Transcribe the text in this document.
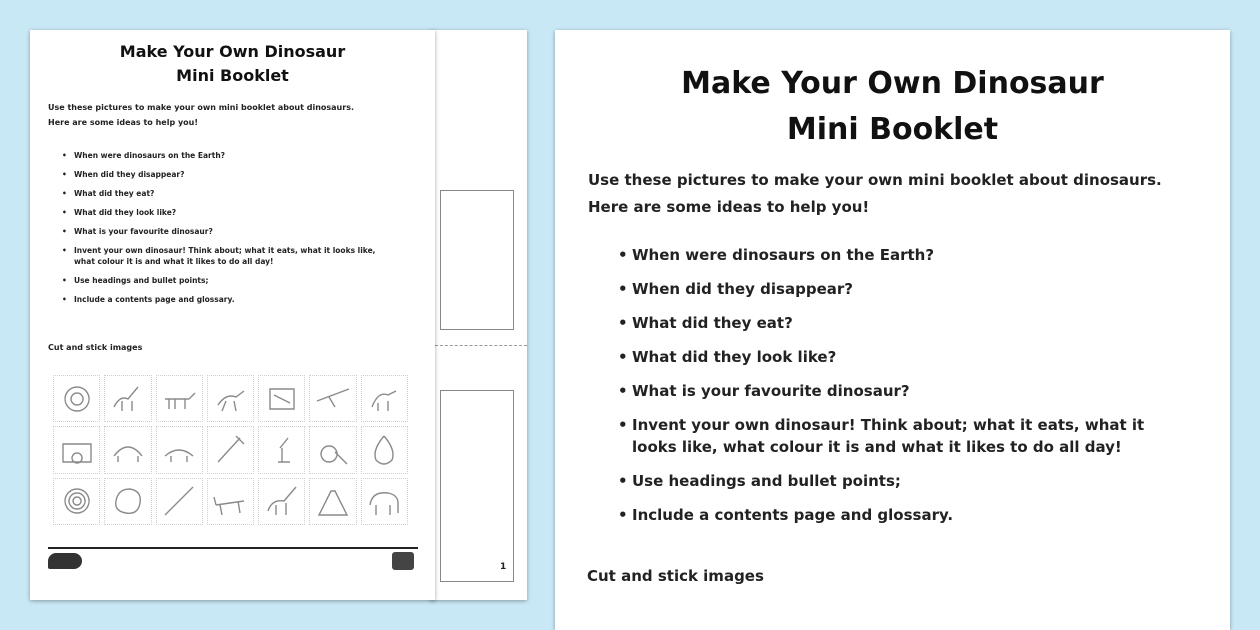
1
Make Your Own Dinosaur
Mini Booklet
Use these pictures to make your own mini booklet about dinosaurs.
Here are some ideas to help you!
• When were dinosaurs on the Earth?
• When did they disappear?
• What did they eat?
• What did they look like?
• What is your favourite dinosaur?
• Invent your own dinosaur! Think about; what it eats, what it looks like, what colour it is and what it likes to do all day!
• Use headings and bullet points;
• Include a contents page and glossary.
Cut and stick images
Make Your Own Dinosaur
Mini Booklet
Use these pictures to make your own mini booklet about dinosaurs.
Here are some ideas to help you!
• When were dinosaurs on the Earth?
• When did they disappear?
• What did they eat?
• What did they look like?
• What is your favourite dinosaur?
• Invent your own dinosaur! Think about; what it eats, what it looks like, what colour it is and what it likes to do all day!
• Use headings and bullet points;
• Include a contents page and glossary.
Cut and stick images
